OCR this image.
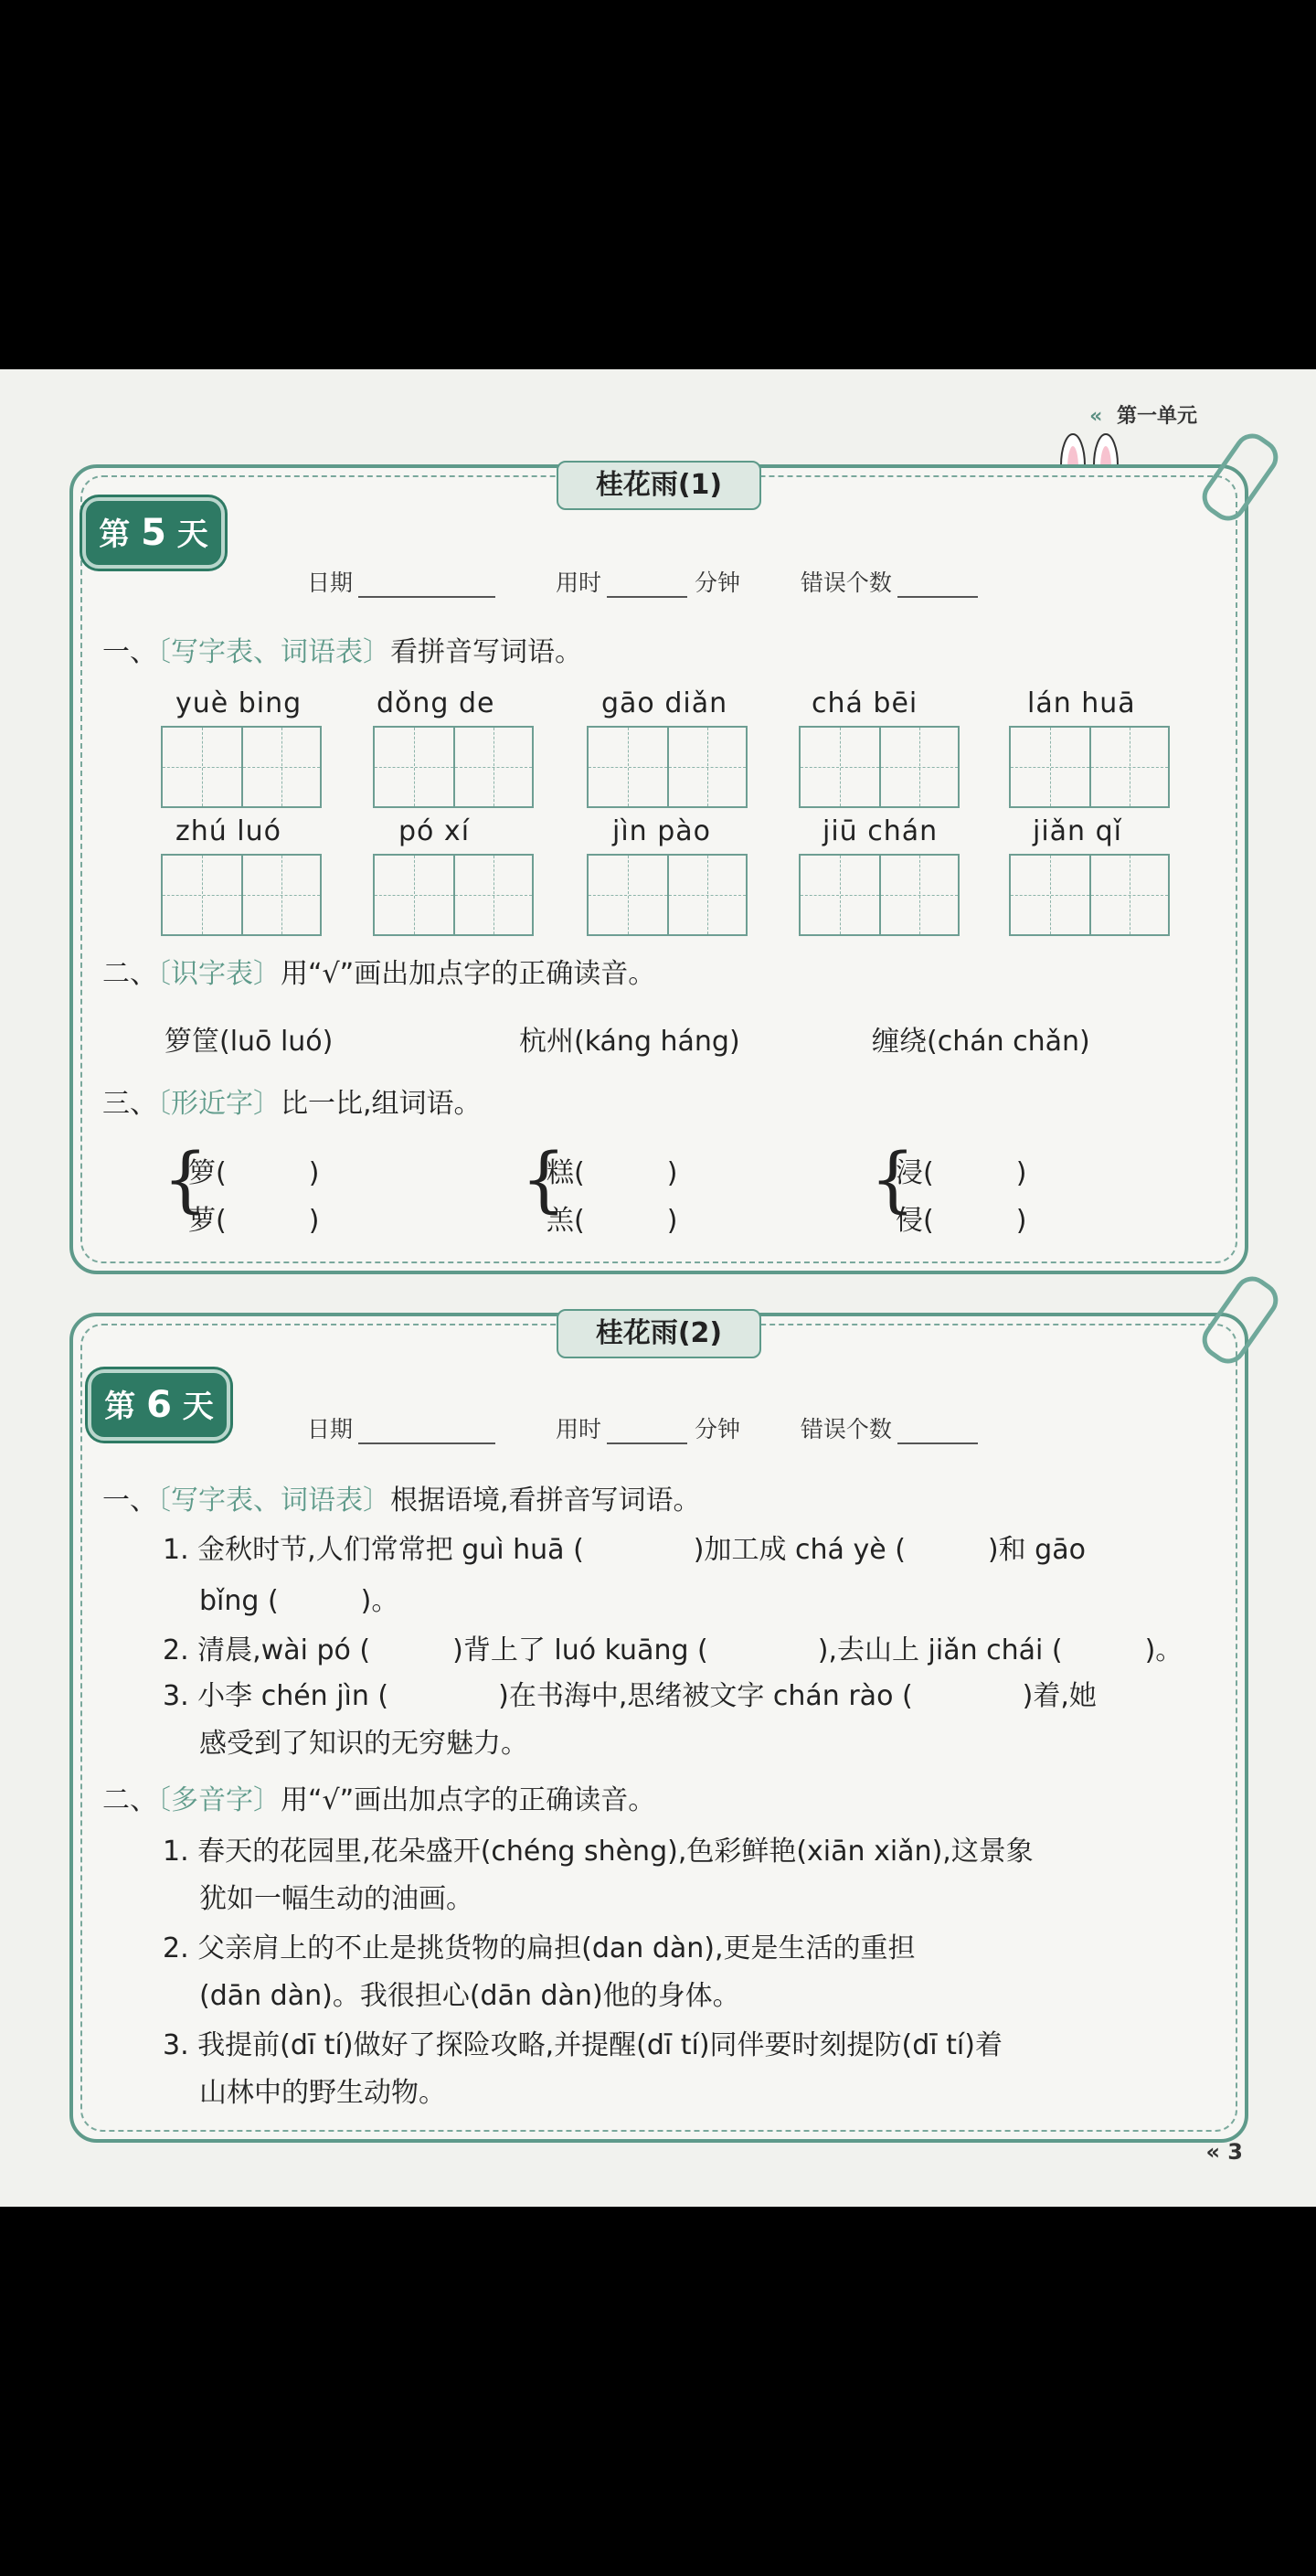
« 第一单元
桂花雨(1)
第 5 天
日期	用时	分钟	错误个数
一、〔写字表、词语表〕看拼音写词语。
yuè bing	dǒng de	gāo diǎn	chá bēi	lán huā
zhú luó	pó xí	jìn pào	jiū chán	jiǎn qǐ
二、〔识字表〕用“√”画出加点字的正确读音。
箩筐(luō luó)	杭州(káng háng)	缠绕(chán chǎn)
三、〔形近字〕比一比,组词语。
{
箩(　　　)
萝(　　　)	{
糕(　　　)
羔(　　　)	{
浸(　　　)
侵(　　　)
桂花雨(2)
第 6 天
日期	用时	分钟	错误个数
一、〔写字表、词语表〕根据语境,看拼音写词语。
1. 金秋时节,人们常常把 guì huā (　　　　)加工成 chá yè (　　　)和 gāo
bǐng (　　　)。
2. 清晨,wài pó (　　　)背上了 luó kuāng (　　　　),去山上 jiǎn chái (　　　)。
3. 小李 chén jìn (　　　　)在书海中,思绪被文字 chán rào (　　　　)着,她
感受到了知识的无穷魅力。
二、〔多音字〕用“√”画出加点字的正确读音。
1. 春天的花园里,花朵盛开(chéng shèng),色彩鲜艳(xiān xiǎn),这景象
犹如一幅生动的油画。
2. 父亲肩上的不止是挑货物的扁担(dan dàn),更是生活的重担
(dān dàn)。我很担心(dān dàn)他的身体。
3. 我提前(dī tí)做好了探险攻略,并提醒(dī tí)同伴要时刻提防(dī tí)着
山林中的野生动物。
« 3
